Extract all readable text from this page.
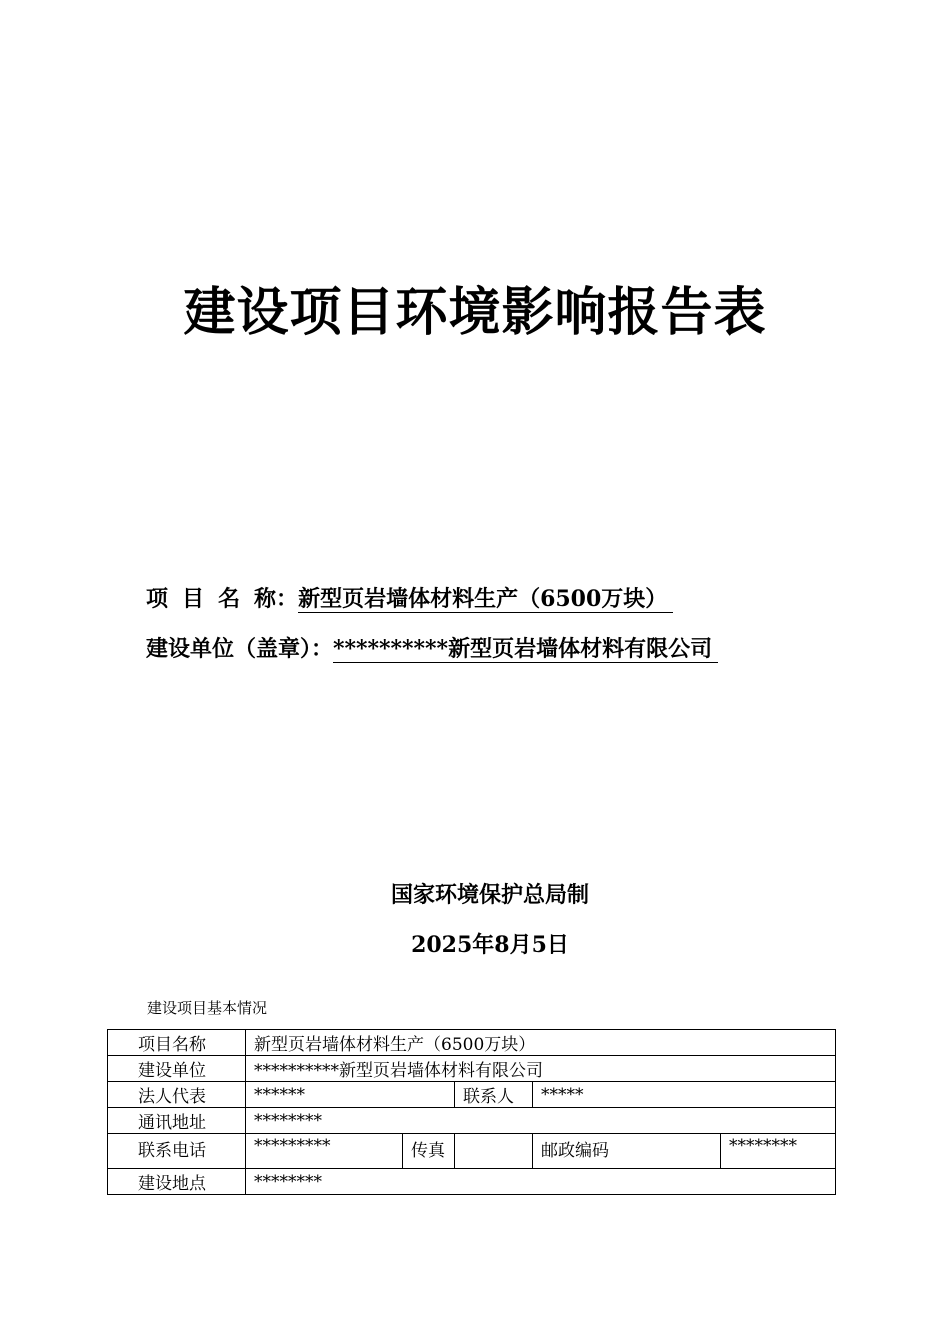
建设项目环境影响报告表
项 目 名 称：新型页岩墙体材料生产（6500万块）
建设单位（盖章）：**********新型页岩墙体材料有限公司
国家环境保护总局制
2025年8月5日
建设项目基本情况
项目名称	新型页岩墙体材料生产（6500万块）				
建设单位	**********新型页岩墙体材料有限公司				
法人代表	******		联系人	*****	
通讯地址	********				
联系电话	*********	传真		邮政编码	********
建设地点	********				
